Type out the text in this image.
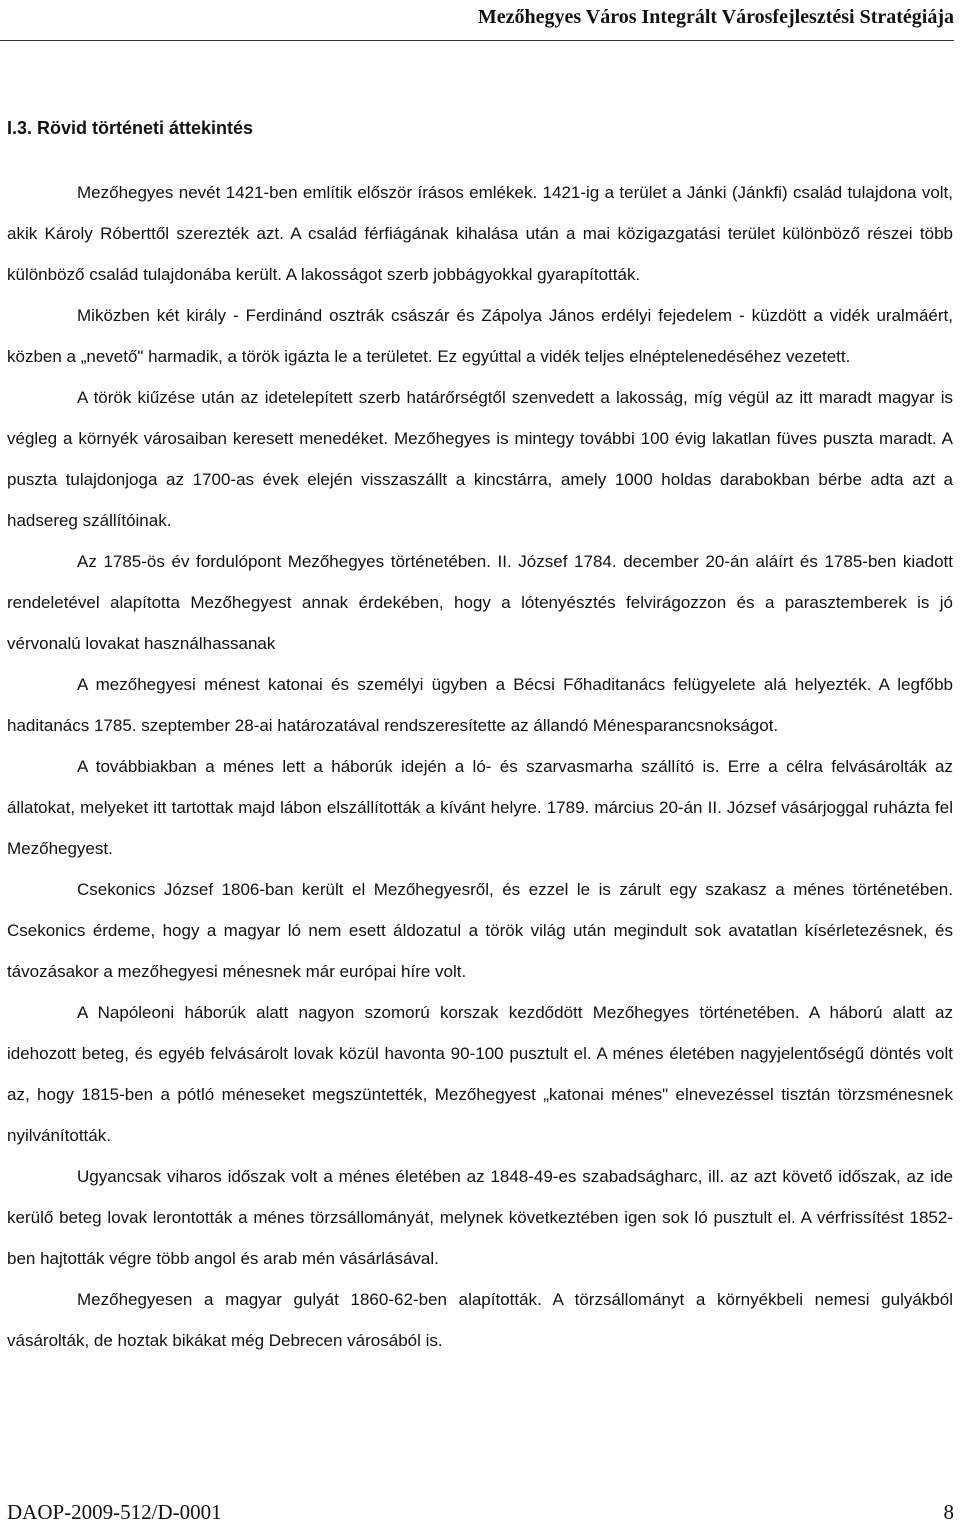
Mezőhegyes Város Integrált Városfejlesztési Stratégiája
I.3. Rövid történeti áttekintés

Mezőhegyes nevét 1421-ben említik először írásos emlékek. 1421-ig a terület a Jánki (Jánkfi) család tulajdona volt, akik Károly Róberttől szerezték azt. A család férfiágának kihalása után a mai közigazgatási terület különböző részei több különböző család tulajdonába került. A lakosságot szerb jobbágyokkal gyarapították.

Miközben két király - Ferdinánd osztrák császár és Zápolya János erdélyi fejedelem - küzdött a vidék uralmáért, közben a „nevető" harmadik, a török igázta le a területet. Ez egyúttal a vidék teljes elnéptelenedéséhez vezetett.

A török kiűzése után az idetelepített szerb határőrségtől szenvedett a lakosság, míg végül az itt maradt magyar is végleg a környék városaiban keresett menedéket. Mezőhegyes is mintegy további 100 évig lakatlan füves puszta maradt. A puszta tulajdonjoga az 1700-as évek elején visszaszállt a kincstárra, amely 1000 holdas darabokban bérbe adta azt a hadsereg szállítóinak.

Az 1785-ös év fordulópont Mezőhegyes történetében. II. József 1784. december 20-án aláírt és 1785-ben kiadott rendeletével alapította Mezőhegyest annak érdekében, hogy a lótenyésztés felvirágozzon és a parasztemberek is jó vérvonalú lovakat használhassanak

A mezőhegyesi ménest katonai és személyi ügyben a Bécsi Főhaditanács felügyelete alá helyezték. A legfőbb haditanács 1785. szeptember 28-ai határozatával rendszeresítette az állandó Ménesparancsnokságot.

A továbbiakban a ménes lett a háborúk idején a ló- és szarvasmarha szállító is. Erre a célra felvásárolták az állatokat, melyeket itt tartottak majd lábon elszállították a kívánt helyre. 1789. március 20-án II. József vásárjoggal ruházta fel Mezőhegyest.

Csekonics József 1806-ban került el Mezőhegyesről, és ezzel le is zárult egy szakasz a ménes történetében. Csekonics érdeme, hogy a magyar ló nem esett áldozatul a török világ után megindult sok avatatlan kísérletezésnek, és távozásakor a mezőhegyesi ménesnek már európai híre volt.

A Napóleoni háborúk alatt nagyon szomorú korszak kezdődött Mezőhegyes történetében. A háború alatt az idehozott beteg, és egyéb felvásárolt lovak közül havonta 90-100 pusztult el. A ménes életében nagyjelentőségű döntés volt az, hogy 1815-ben a pótló méneseket megszüntették, Mezőhegyest „katonai ménes" elnevezéssel tisztán törzsménesnek nyilvánították.

Ugyancsak viharos időszak volt a ménes életében az 1848-49-es szabadságharc, ill. az azt követő időszak, az ide kerülő beteg lovak lerontották a ménes törzsállományát, melynek következtében igen sok ló pusztult el. A vérfrissítést 1852-ben hajtották végre több angol és arab mén vásárlásával.

Mezőhegyesen a magyar gulyát 1860-62-ben alapították. A törzsállományt a környékbeli nemesi gulyákból vásárolták, de hoztak bikákat még Debrecen városából is.

DAOP-2009-512/D-0001	8
